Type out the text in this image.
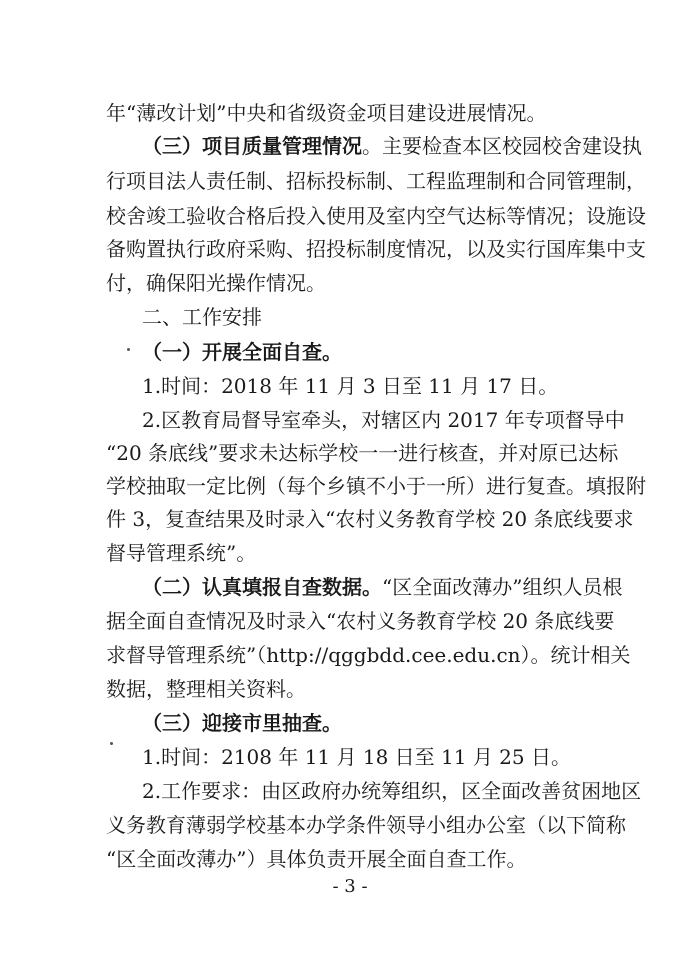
年“薄改计划”中央和省级资金项目建设进展情况。

（三）项目质量管理情况。主要检查本区校园校舍建设执

行项目法人责任制、招标投标制、工程监理制和合同管理制，

校舍竣工验收合格后投入使用及室内空气达标等情况；设施设

备购置执行政府采购、招投标制度情况，以及实行国库集中支

付，确保阳光操作情况。

二、工作安排

（一）开展全面自查。

1.时间：2018 年 11 月 3 日至 11 月 17 日。

2.区教育局督导室牵头，对辖区内 2017 年专项督导中

“20 条底线”要求未达标学校一一进行核查，并对原已达标

学校抽取一定比例（每个乡镇不小于一所）进行复查。填报附

件 3，复查结果及时录入“农村义务教育学校 20 条底线要求

督导管理系统”。

（二）认真填报自查数据。“区全面改薄办”组织人员根

据全面自查情况及时录入“农村义务教育学校 20 条底线要

求督导管理系统”（http://qggbdd.cee.edu.cn）。统计相关

数据，整理相关资料。

（三）迎接市里抽查。

1.时间：2108 年 11 月 18 日至 11 月 25 日。

2.工作要求：由区政府办统筹组织，区全面改善贫困地区

义务教育薄弱学校基本办学条件领导小组办公室（以下简称

“区全面改薄办”）具体负责开展全面自查工作。

- 3 -
